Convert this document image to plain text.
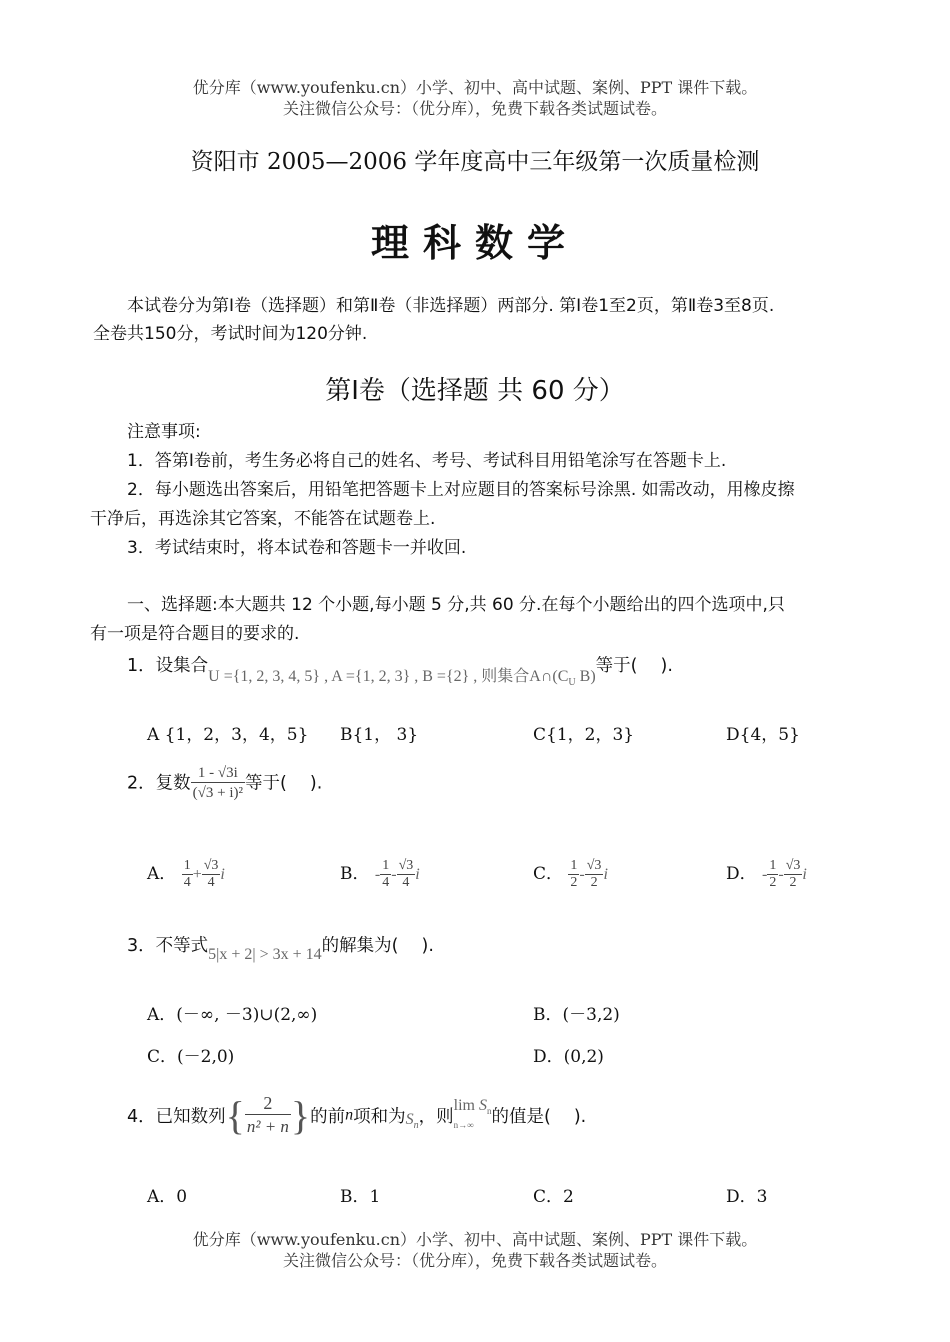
优分库（www.youfenku.cn）小学、初中、高中试题、案例、PPT 课件下载。
关注微信公众号：（优分库），免费下载各类试题试卷。
资阳市 2005—2006 学年度高中三年级第一次质量检测
理科数学
本试卷分为第Ⅰ卷（选择题）和第Ⅱ卷（非选择题）两部分. 第Ⅰ卷1至2页，第Ⅱ卷3至8页.
全卷共150分，考试时间为120分钟.
第Ⅰ卷（选择题 共 60 分）
注意事项:
1．答第Ⅰ卷前，考生务必将自己的姓名、考号、考试科目用铅笔涂写在答题卡上.
2．每小题选出答案后，用铅笔把答题卡上对应题目的答案标号涂黑. 如需改动，用橡皮擦
干净后，再选涂其它答案，不能答在试题卷上.
3．考试结束时，将本试卷和答题卡一并收回.
一、选择题:本大题共 12 个小题,每小题 5 分,共 60 分.在每个小题给出的四个选项中,只
有一项是符合题目的要求的.
1．设集合U ={1, 2, 3, 4, 5} , A ={1, 2, 3} , B ={2} , 则集合$A\cap(C_U$ B)等于(　 ).
A {1，2，3，4，5} B{1， 3}	C{1，2，3}	D{4，5}
2．复数 $\frac{1 - √3i}{\text{(√3 + i)²}}$ 等于(　 ).
A． $\frac{1}{4} + \frac{√3}{4}$ i	B． - $\frac{1}{4} - \frac{√3}{4}$ i	C． $\frac{1}{2} - \frac{√3}{2}$ i	D． - $\frac{1}{2} - \frac{√3}{2}$ i
3．不等式5|x + 2| > 3x + 14的解集为(　 ).
A．(－∞, －3)∪(2,∞)	B．(－3,2)
C．(－2,0)	D．(0,2)
4．已知数列{ $\frac{2}{\text{n² + n}}$ }的前n项和为$S_n$，则
$\lim S_n$
n→∞	的值是(　 ).
A．0	B．1	C．2	D．3
优分库（www.youfenku.cn）小学、初中、高中试题、案例、PPT 课件下载。
关注微信公众号：（优分库），免费下载各类试题试卷。
